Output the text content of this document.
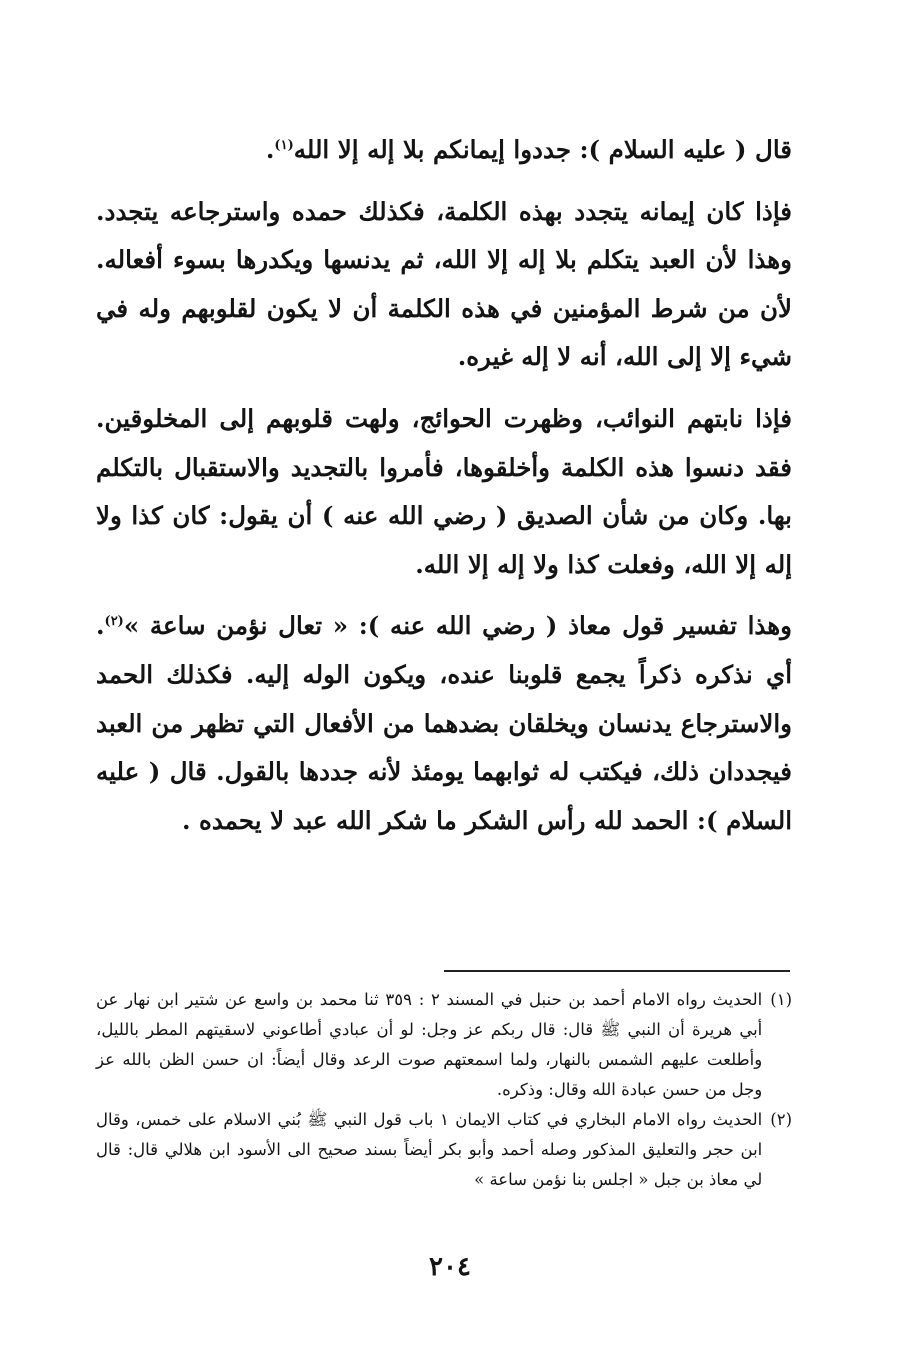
قال ( عليه السلام ): جددوا إيمانكم بلا إله إلا الله$^{(١)}$.

فإذا كان إيمانه يتجدد بهذه الكلمة، فكذلك حمده واسترجاعه يتجدد. وهذا لأن العبد يتكلم بلا إله إلا الله، ثم يدنسها ويكدرها بسوء أفعاله. لأن من شرط المؤمنين في هذه الكلمة أن لا يكون لقلوبهم وله في شيء إلا إلى الله، أنه لا إله غيره.

فإذا نابتهم النوائب، وظهرت الحوائج، ولهت قلوبهم إلى المخلوقين. فقد دنسوا هذه الكلمة وأخلقوها، فأمروا بالتجديد والاستقبال بالتكلم بها. وكان من شأن الصديق ( رضي الله عنه ) أن يقول: كان كذا ولا إله إلا الله، وفعلت كذا ولا إله إلا الله.

وهذا تفسير قول معاذ ( رضي الله عنه ): « تعال نؤمن ساعة »$^{(٢)}$. أي نذكره ذكراً يجمع قلوبنا عنده، ويكون الوله إليه. فكذلك الحمد والاسترجاع يدنسان ويخلقان بضدهما من الأفعال التي تظهر من العبد فيجددان ذلك، فيكتب له ثوابهما يومئذ لأنه جددها بالقول. قال ( عليه السلام ): الحمد لله رأس الشكر ما شكر الله عبد لا يحمده .

(١)
الحديث رواه الامام أحمد بن حنبل في المسند ٢ : ٣٥٩ ثنا محمد بن واسع عن شتير ابن نهار عن أبي هريرة أن النبي ﷺ قال: قال ربكم عز وجل: لو أن عبادي أطاعوني لاسقيتهم المطر بالليل، وأطلعت عليهم الشمس بالنهار، ولما اسمعتهم صوت الرعد وقال أيضاً: ان حسن الظن بالله عز وجل من حسن عبادة الله وقال: وذكره.

(٢)
الحديث رواه الامام البخاري في كتاب الايمان ١ باب قول النبي ﷺ بُني الاسلام على خمس، وقال ابن حجر والتعليق المذكور وصله أحمد وأبو بكر أيضاً بسند صحيح الى الأسود ابن هلالي قال: قال لي معاذ بن جبل « اجلس بنا نؤمن ساعة »

٢٠٤
